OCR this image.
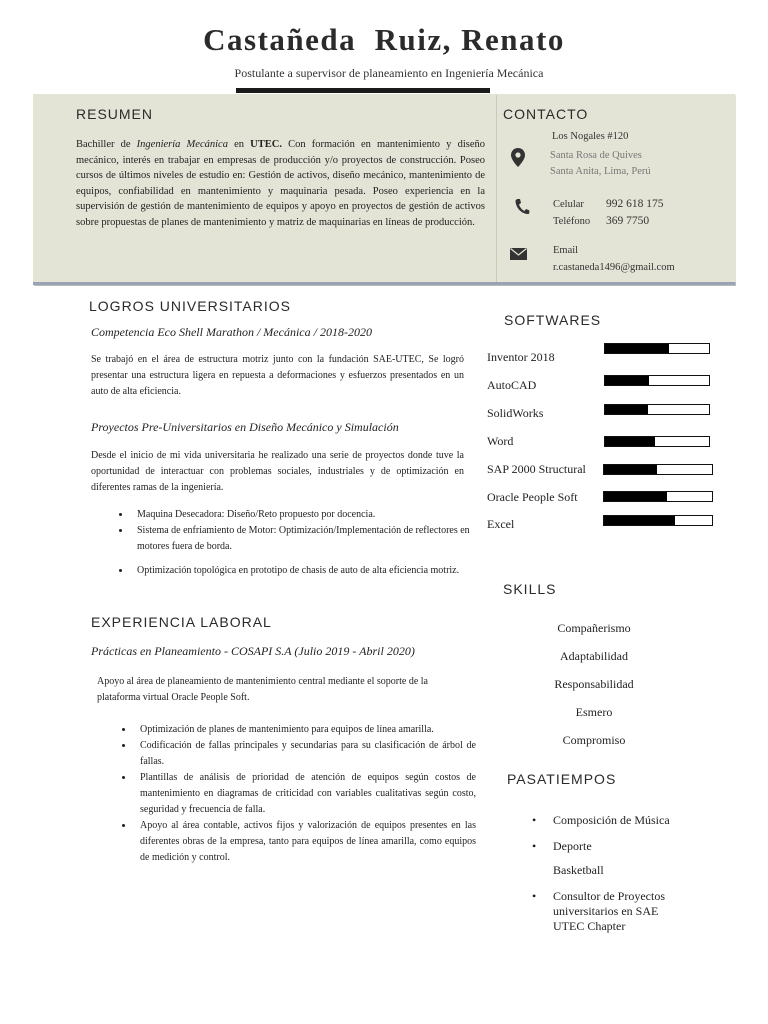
Castañeda  Ruiz, Renato
Postulante a supervisor de planeamiento en Ingeniería Mecánica
RESUMEN
Bachiller de Ingeniería Mecánica en UTEC. Con formación en mantenimiento y diseño mecánico, interés en trabajar en empresas de producción y/o proyectos de construcción. Poseo cursos de últimos niveles de estudio en: Gestión de activos, diseño mecánico, mantenimiento de equipos, confiabilidad en mantenimiento y maquinaria pesada. Poseo experiencia en la supervisión de gestión de mantenimiento de equipos y apoyo en proyectos de gestión de activos sobre propuestas de planes de mantenimiento y matriz de maquinarias en líneas de producción.
CONTACTO
Los Nogales #120
Santa Rosa de Quives
Santa Anita, Lima, Perú
Celular 992 618 175
Teléfono 369 7750
Email
r.castaneda1496@gmail.com
LOGROS UNIVERSITARIOS
Competencia Eco Shell Marathon / Mecánica / 2018-2020
Se trabajó en el área de estructura motriz junto con la fundación SAE-UTEC, Se logró presentar una estructura ligera en repuesta a deformaciones y esfuerzos presentados en un auto de alta eficiencia.
Proyectos Pre-Universitarios en Diseño Mecánico y Simulación
Desde el inicio de mi vida universitaria he realizado una serie de proyectos donde tuve la oportunidad de interactuar con problemas sociales, industriales y de optimización en diferentes ramas de la ingeniería.
• Maquina Desecadora: Diseño/Reto propuesto por docencia.
• Sistema de enfriamiento de Motor: Optimización/Implementación de reflectores en motores fuera de borda.
• Optimización topológica en prototipo de chasis de auto de alta eficiencia motriz.
EXPERIENCIA LABORAL
Prácticas en Planeamiento - COSAPI S.A (Julio 2019 - Abril 2020)
Apoyo al área de planeamiento de mantenimiento central mediante el soporte de la plataforma virtual Oracle People Soft.
• Optimización de planes de mantenimiento para equipos de línea amarilla.
• Codificación de fallas principales y secundarias para su clasificación de árbol de fallas.
• Plantillas de análisis de prioridad de atención de equipos según costos de mantenimiento en diagramas de criticidad con variables cualitativas según costo, seguridad y frecuencia de falla.
• Apoyo al área contable, activos fijos y valorización de equipos presentes en las diferentes obras de la empresa, tanto para equipos de línea amarilla, como equipos de medición y control.
SOFTWARES
Inventor 2018
AutoCAD
SolidWorks
Word
SAP 2000 Structural
Oracle People Soft
Excel
SKILLS
Compañerismo
Adaptabilidad
Responsabilidad
Esmero
Compromiso
PASATIEMPOS
• Composición de Música
• Deporte
Basketball
• Consultor de Proyectos universitarios en SAE UTEC Chapter
